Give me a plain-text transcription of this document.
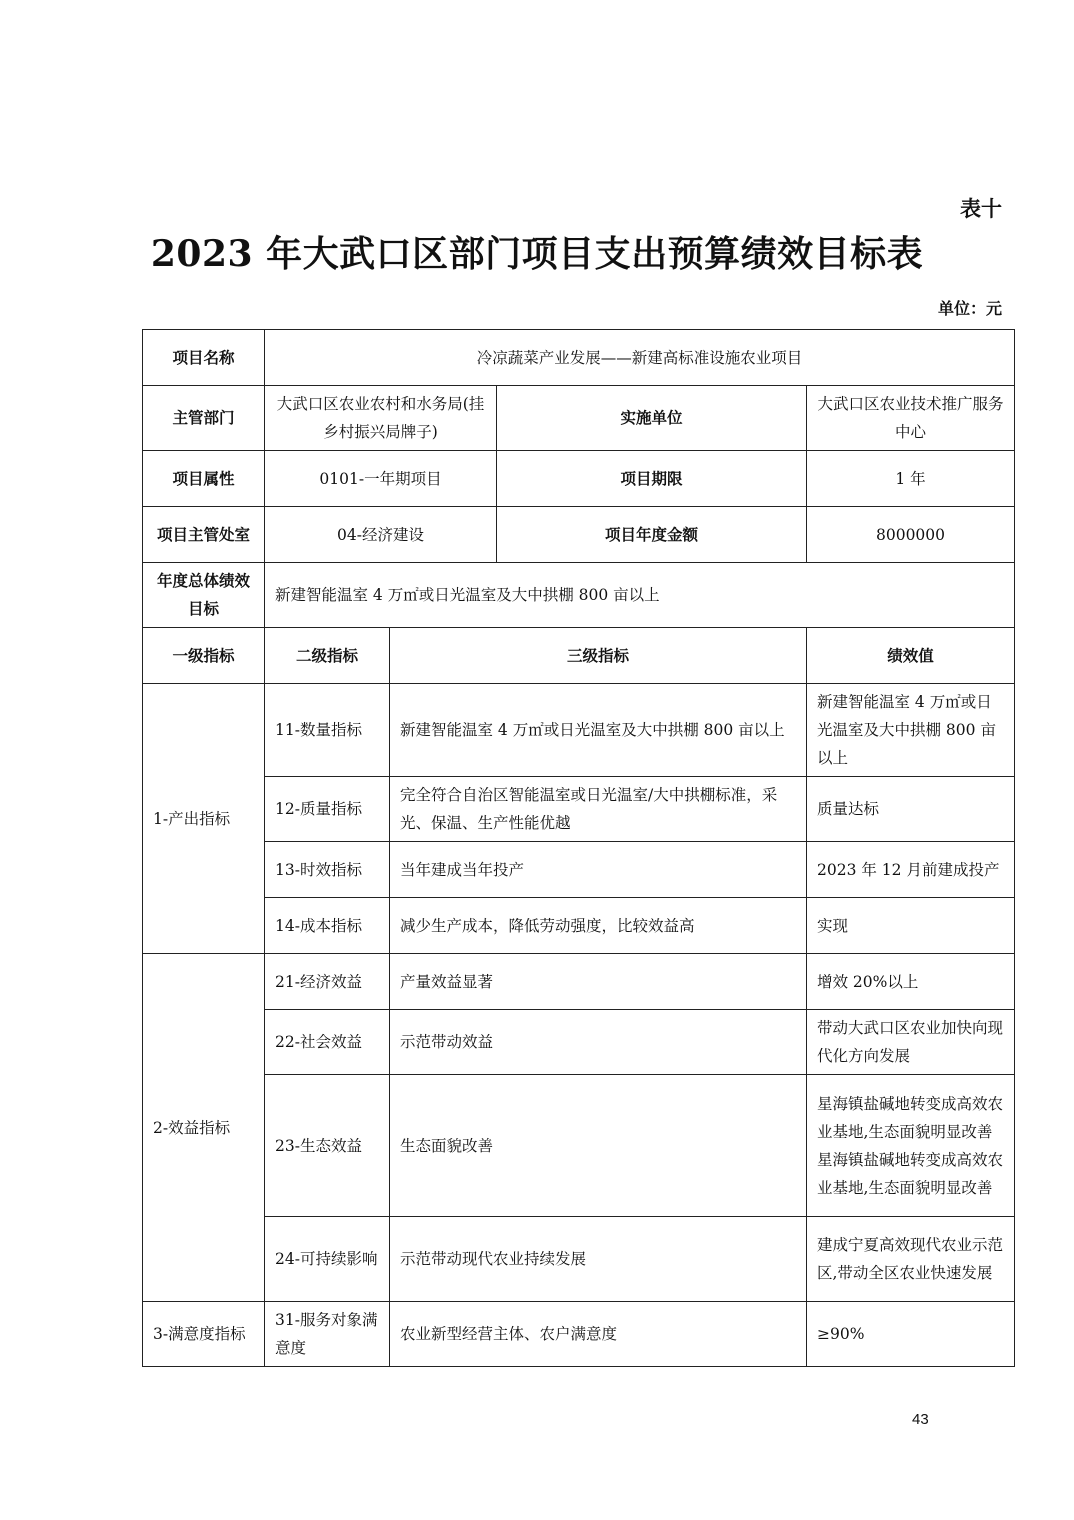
表十
2023 年大武口区部门项目支出预算绩效目标表
单位：元
项目名称	冷凉蔬菜产业发展——新建高标准设施农业项目			
主管部门	大武口区农业农村和水务局(挂乡村振兴局牌子)		实施单位	大武口区农业技术推广服务中心
项目属性	0101-一年期项目		项目期限	1 年
项目主管处室	04-经济建设		项目年度金额	8000000
年度总体绩效目标	新建智能温室 4 万㎡或日光温室及大中拱棚 800 亩以上			
一级指标	二级指标	三级指标		绩效值
1-产出指标	11-数量指标	新建智能温室 4 万㎡或日光温室及大中拱棚 800 亩以上		新建智能温室 4 万㎡或日光温室及大中拱棚 800 亩以上
	12-质量指标	完全符合自治区智能温室或日光温室/大中拱棚标准，采光、保温、生产性能优越		质量达标
	13-时效指标	当年建成当年投产		2023 年 12 月前建成投产
	14-成本指标	减少生产成本，降低劳动强度，比较效益高		实现
2-效益指标	21-经济效益	产量效益显著		增效 20%以上
	22-社会效益	示范带动效益		带动大武口区农业加快向现代化方向发展
	23-生态效益	生态面貌改善		星海镇盐碱地转变成高效农业基地,生态面貌明显改善星海镇盐碱地转变成高效农业基地,生态面貌明显改善
	24-可持续影响	示范带动现代农业持续发展		建成宁夏高效现代农业示范区,带动全区农业快速发展
3-满意度指标	31-服务对象满意度	农业新型经营主体、农户满意度		≥90%
43
